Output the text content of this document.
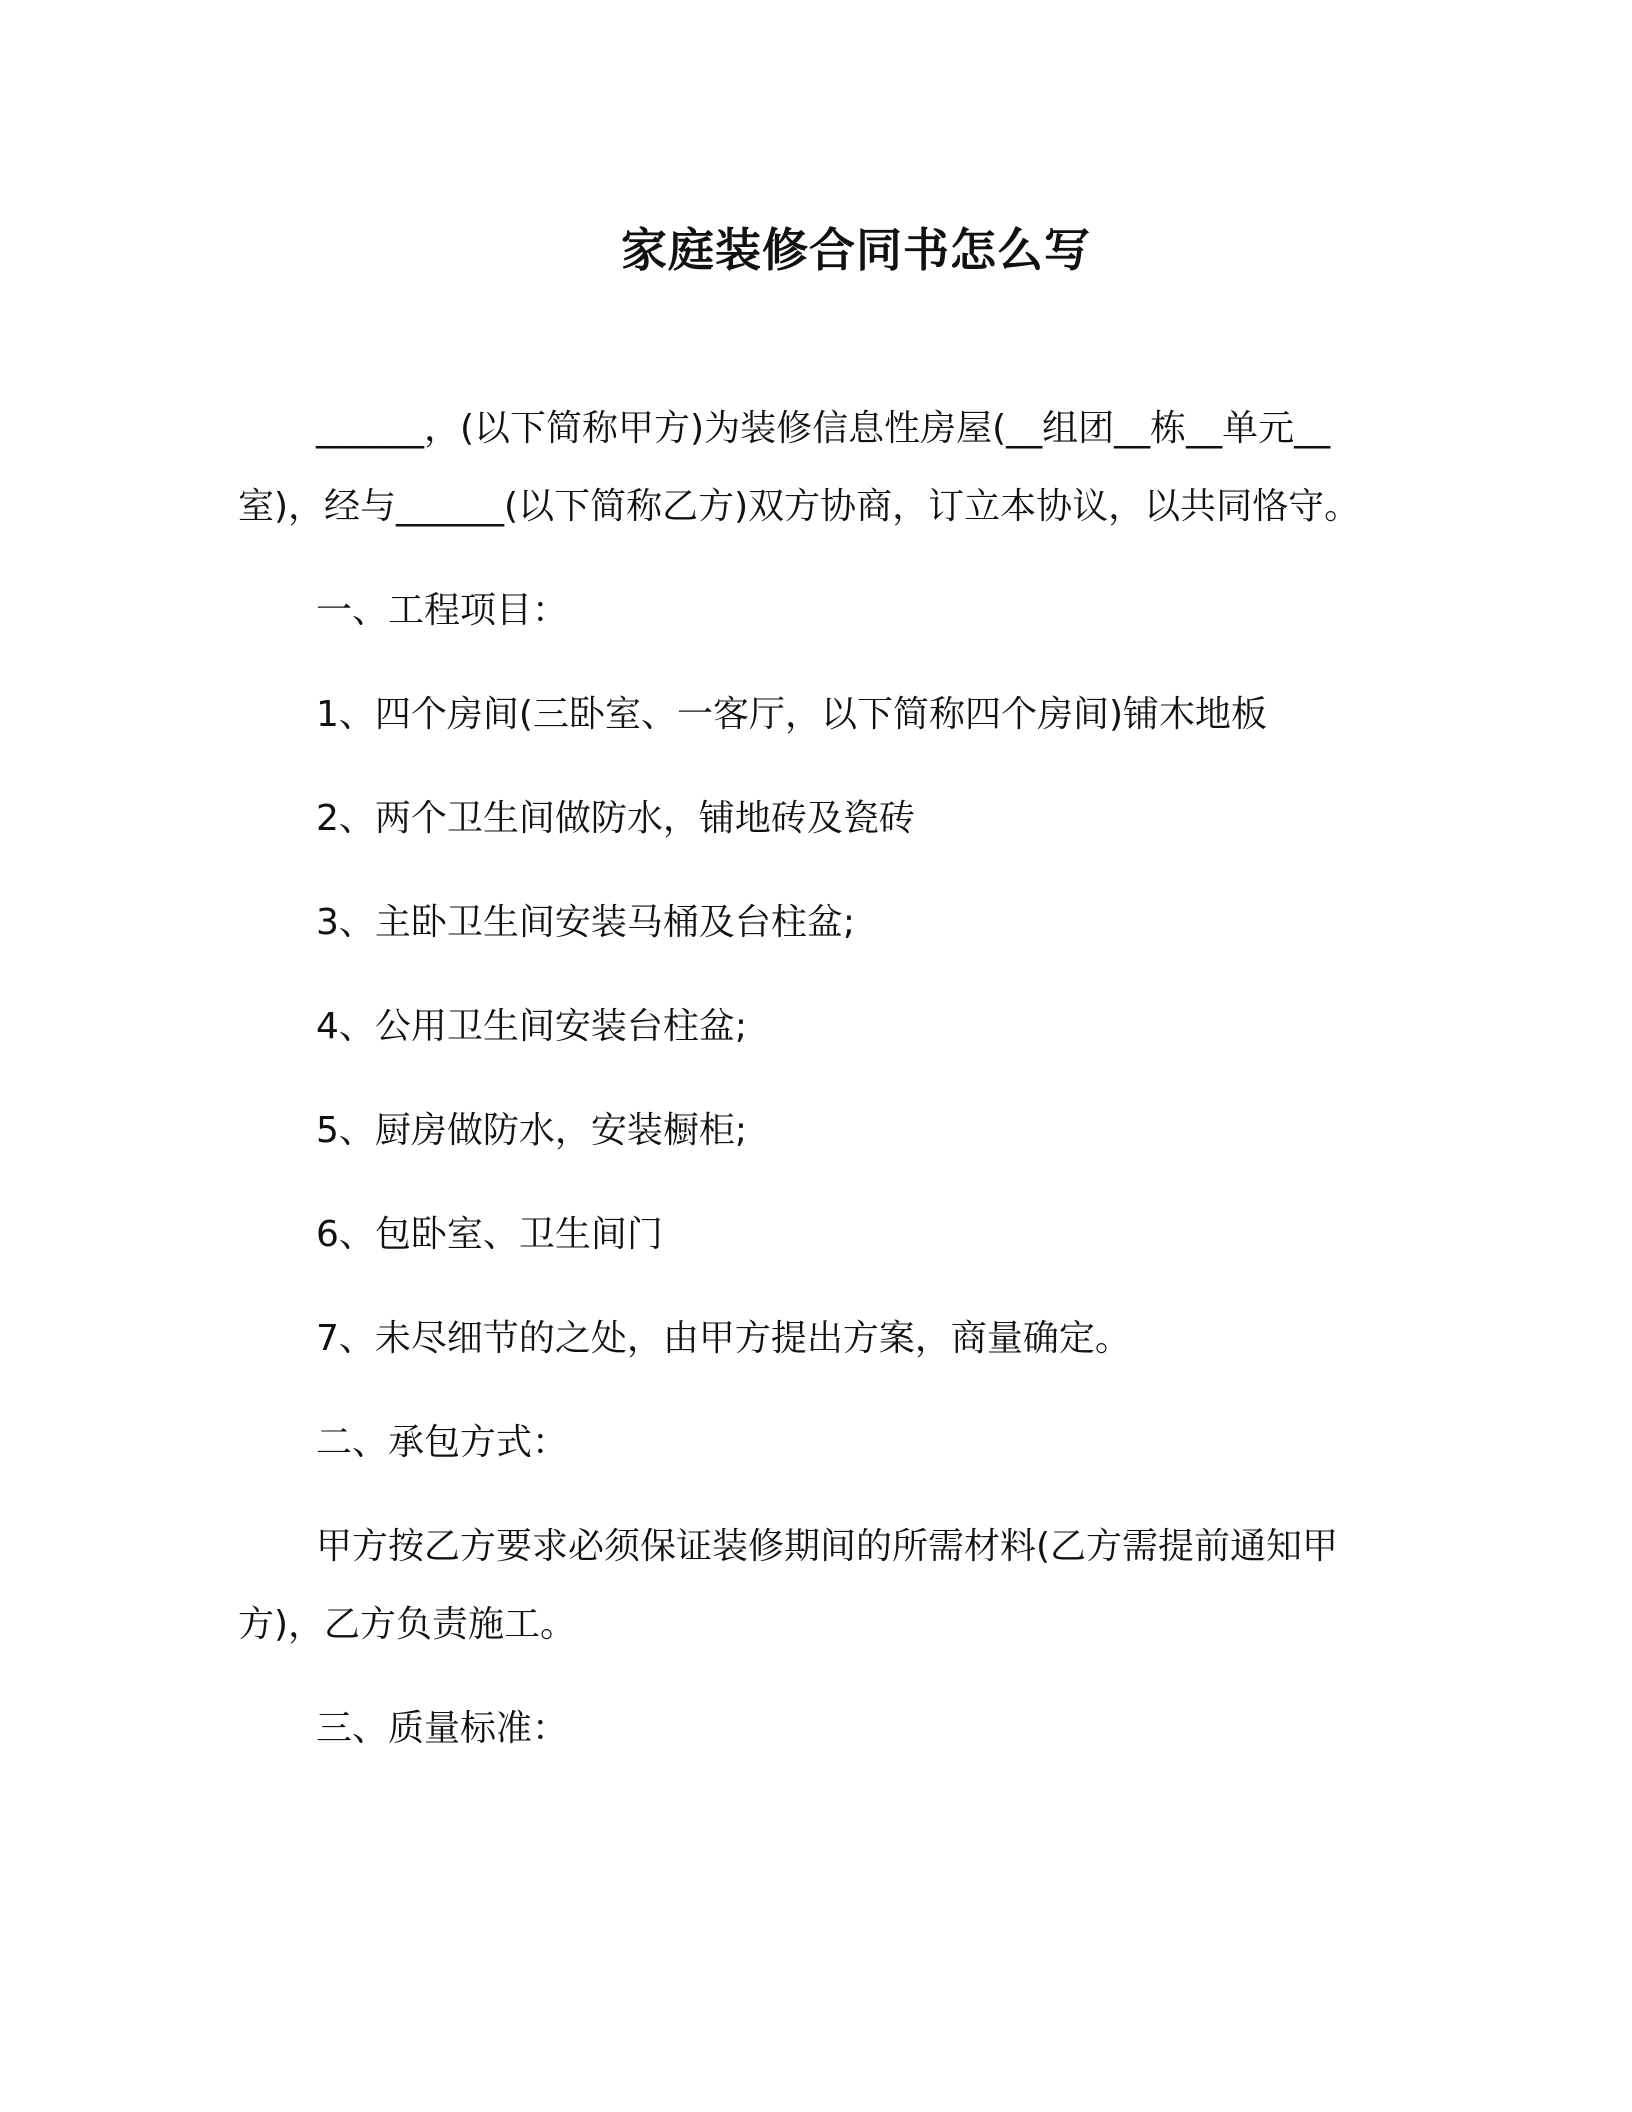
家庭装修合同书怎么写

______，(以下简称甲方)为装修信息性房屋(__组团__栋__单元__室)，经与______(以下简称乙方)双方协商，订立本协议，以共同恪守。

一、工程项目：

1、四个房间(三卧室、一客厅，以下简称四个房间)铺木地板

2、两个卫生间做防水，铺地砖及瓷砖

3、主卧卫生间安装马桶及台柱盆;

4、公用卫生间安装台柱盆;

5、厨房做防水，安装橱柜;

6、包卧室、卫生间门

7、未尽细节的之处，由甲方提出方案，商量确定。

二、承包方式：

甲方按乙方要求必须保证装修期间的所需材料(乙方需提前通知甲方)，乙方负责施工。

三、质量标准：
